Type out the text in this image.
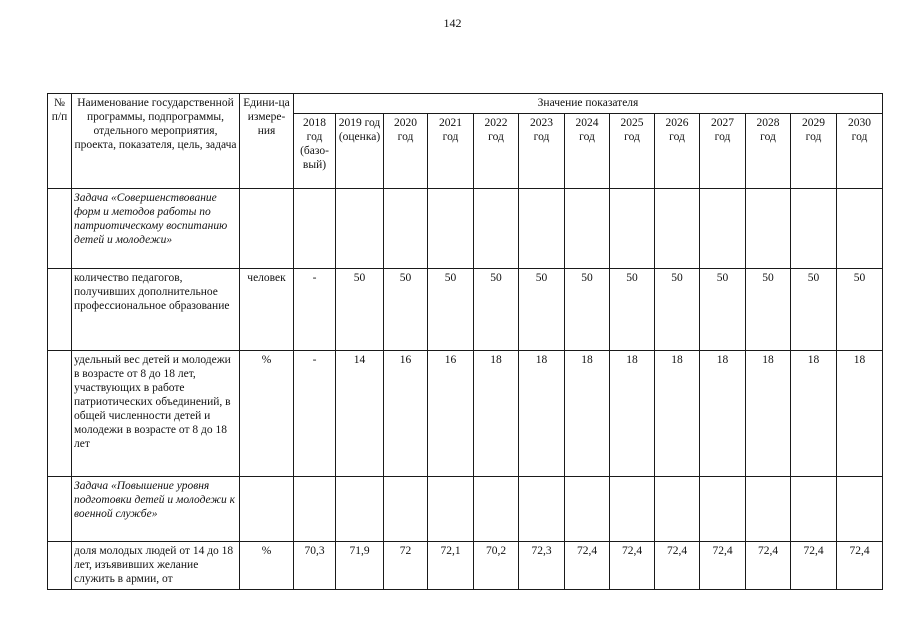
142
№ п/п	Наименование государственной программы, подпрограммы, отдельного мероприятия, проекта, показателя, цель, задача	Едини-ца измере-ния	Значение показателя												
			2018 год (базо-вый)	2019 год (оценка)	2020 год	2021 год	2022 год	2023 год	2024 год	2025 год	2026 год	2027 год	2028 год	2029 год	2030 год
	Задача «Совершенствование форм и методов работы по патриотическому воспитанию детей и молодежи»														
	количество педагогов, получивших дополнительное профессиональное образование	человек	-	50	50	50	50	50	50	50	50	50	50	50	50
	удельный вес детей и молодежи в возрасте от 8 до 18 лет, участвующих в работе патриотических объединений, в общей численности детей и молодежи в возрасте от 8 до 18 лет	%	-	14	16	16	18	18	18	18	18	18	18	18	18
	Задача «Повышение уровня подготовки детей и молодежи к военной службе»														
	доля молодых людей от 14 до 18 лет, изъявивших желание служить в армии, от	%	70,3	71,9	72	72,1	70,2	72,3	72,4	72,4	72,4	72,4	72,4	72,4	72,4
